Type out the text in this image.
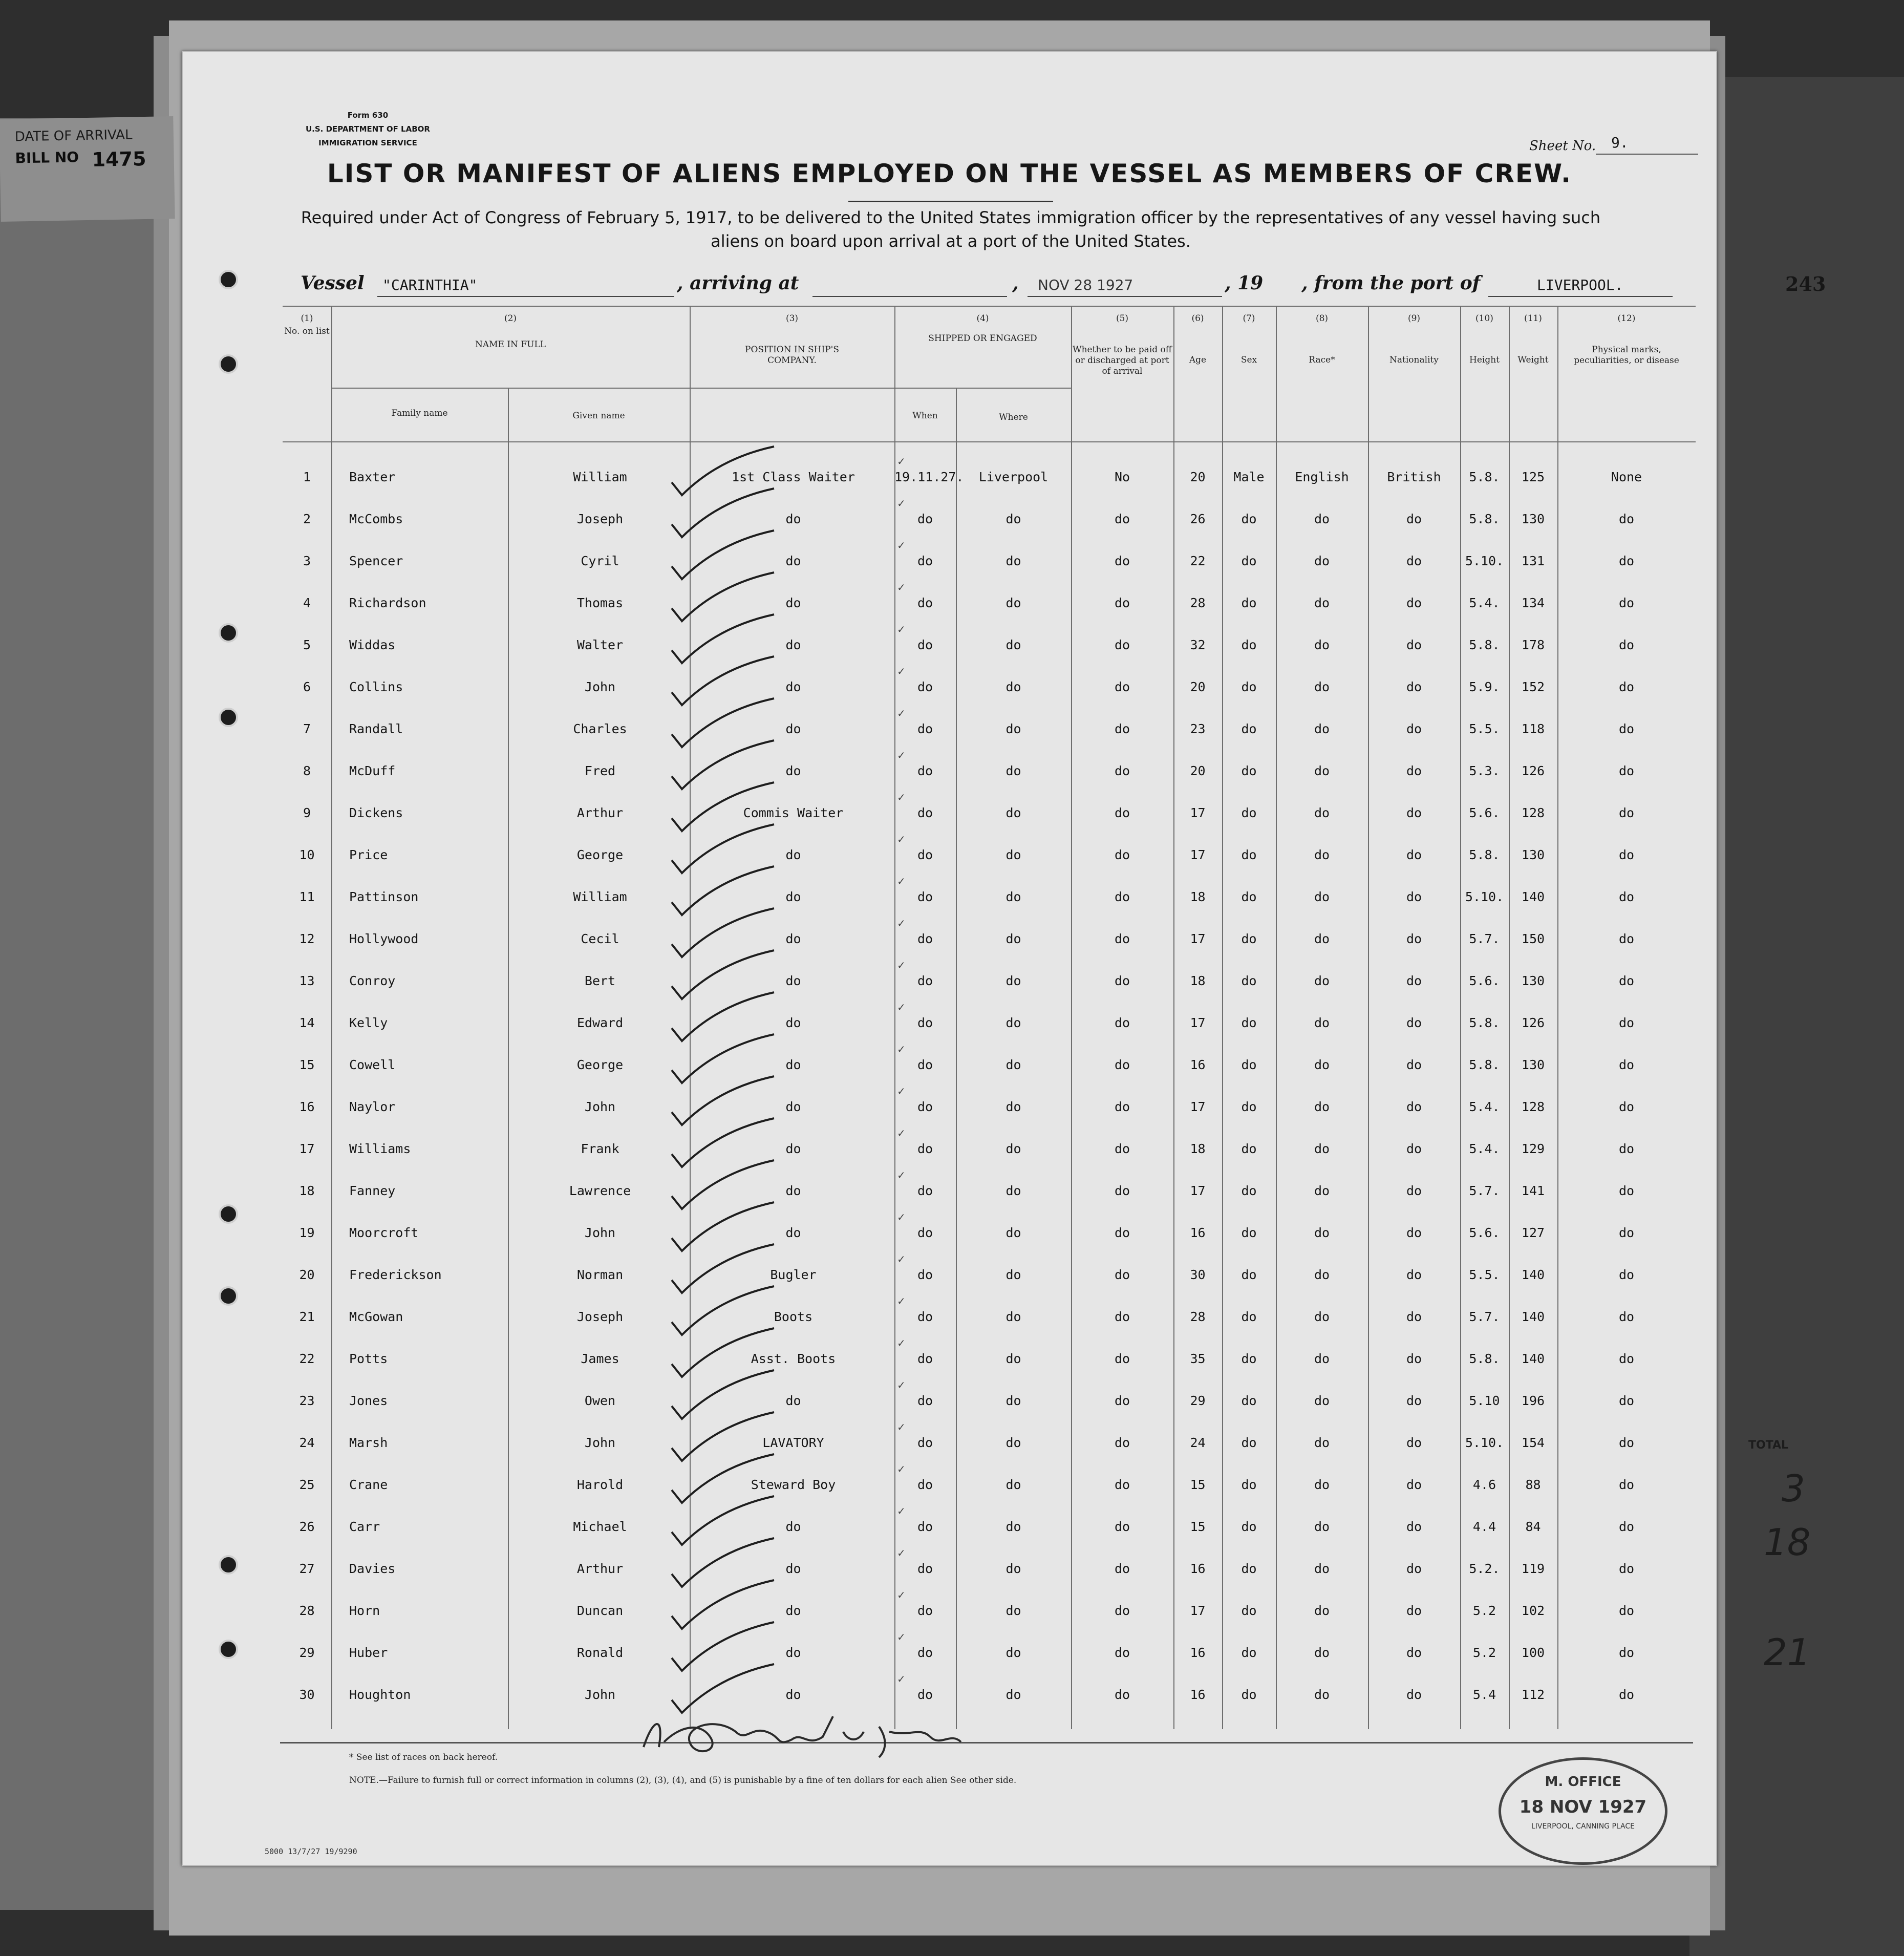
DATE OF ARRIVAL
BILL NO 1475
TOTAL
3
18
21
Form 630
U.S. DEPARTMENT OF LABOR
IMMIGRATION SERVICE	Sheet No. 9.
LIST OR MANIFEST OF ALIENS EMPLOYED ON THE VESSEL AS MEMBERS OF CREW.
Required under Act of Congress of February 5, 1917, to be delivered to the United States immigration officer by the representatives of any vessel having such
aliens on board upon arrival at a port of the United States.
Vessel "CARINTHIA"	, arriving at	, NOV 28 1927	, 19 , from the port of	LIVERPOOL.	243
(1)
No. on list
(2)
NAME IN FULL
Family name	Given name
(3)
POSITION IN SHIP'S COMPANY.
(4)
SHIPPED OR ENGAGED
When	Where
(5)
Whether to be paid off or discharged at port of arrival
(6)
Age
(7)
Sex
(8)
Race*
(9)
Nationality
(10)
Height
(11)
Weight
(12)
Physical marks, peculiarities, or disease
✓
1	Baxter	William	1st Class Waiter	19.11.27.	Liverpool	No	20	Male	English	British	5.8.	125	None
✓
2	McCombs	Joseph	do	do	do	do	26	do	do	do	5.8.	130	do
✓
3	Spencer	Cyril	do	do	do	do	22	do	do	do	5.10.	131	do
✓
4	Richardson	Thomas	do	do	do	do	28	do	do	do	5.4.	134	do
✓
5	Widdas	Walter	do	do	do	do	32	do	do	do	5.8.	178	do
✓
6	Collins	John	do	do	do	do	20	do	do	do	5.9.	152	do
✓
7	Randall	Charles	do	do	do	do	23	do	do	do	5.5.	118	do
✓
8	McDuff	Fred	do	do	do	do	20	do	do	do	5.3.	126	do
✓
9	Dickens	Arthur	Commis Waiter	do	do	do	17	do	do	do	5.6.	128	do
✓
10	Price	George	do	do	do	do	17	do	do	do	5.8.	130	do
✓
11	Pattinson	William	do	do	do	do	18	do	do	do	5.10.	140	do
✓
12	Hollywood	Cecil	do	do	do	do	17	do	do	do	5.7.	150	do
✓
13	Conroy	Bert	do	do	do	do	18	do	do	do	5.6.	130	do
✓
14	Kelly	Edward	do	do	do	do	17	do	do	do	5.8.	126	do
✓
15	Cowell	George	do	do	do	do	16	do	do	do	5.8.	130	do
✓
16	Naylor	John	do	do	do	do	17	do	do	do	5.4.	128	do
✓
17	Williams	Frank	do	do	do	do	18	do	do	do	5.4.	129	do
✓
18	Fanney	Lawrence	do	do	do	do	17	do	do	do	5.7.	141	do
✓
19	Moorcroft	John	do	do	do	do	16	do	do	do	5.6.	127	do
✓
20	Frederickson	Norman	Bugler	do	do	do	30	do	do	do	5.5.	140	do
✓
21	McGowan	Joseph	Boots	do	do	do	28	do	do	do	5.7.	140	do
✓
22	Potts	James	Asst. Boots	do	do	do	35	do	do	do	5.8.	140	do
✓
23	Jones	Owen	do	do	do	do	29	do	do	do	5.10	196	do
✓
24	Marsh	John	LAVATORY	do	do	do	24	do	do	do	5.10.	154	do
✓
25	Crane	Harold	Steward Boy	do	do	do	15	do	do	do	4.6	88	do
✓
26	Carr	Michael	do	do	do	do	15	do	do	do	4.4	84	do
✓
27	Davies	Arthur	do	do	do	do	16	do	do	do	5.2.	119	do
✓
28	Horn	Duncan	do	do	do	do	17	do	do	do	5.2	102	do
✓
29	Huber	Ronald	do	do	do	do	16	do	do	do	5.2	100	do
✓
30	Houghton	John	do	do	do	do	16	do	do	do	5.4	112	do
R Dealu Insp.
* See list of races on back hereof.
NOTE.—Failure to furnish full or correct information in columns (2), (3), (4), and (5) is punishable by a fine of ten dollars for each alien See other side.
5000 13/7/27 19/9290
M. OFFICE
18 NOV 1927
LIVERPOOL, CANNING PLACE
